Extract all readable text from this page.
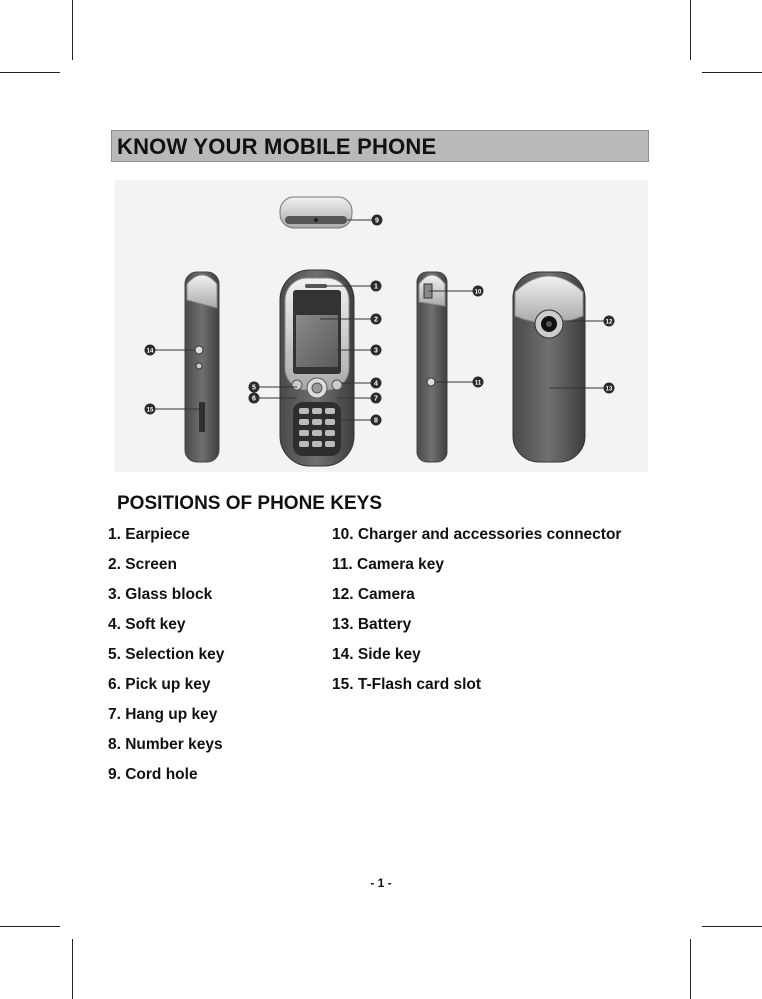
KNOW YOUR MOBILE PHONE
1
2
3
4
5
6	7
8
9
10
11
12
13
14
15
POSITIONS OF PHONE KEYS
1. Earpiece
2. Screen
3. Glass block
4. Soft key
5. Selection key
6. Pick up key
7. Hang up key
8. Number keys
9. Cord hole
10. Charger and accessories connector
11. Camera key
12. Camera
13. Battery
14. Side key
15. T-Flash card slot
- 1 -
